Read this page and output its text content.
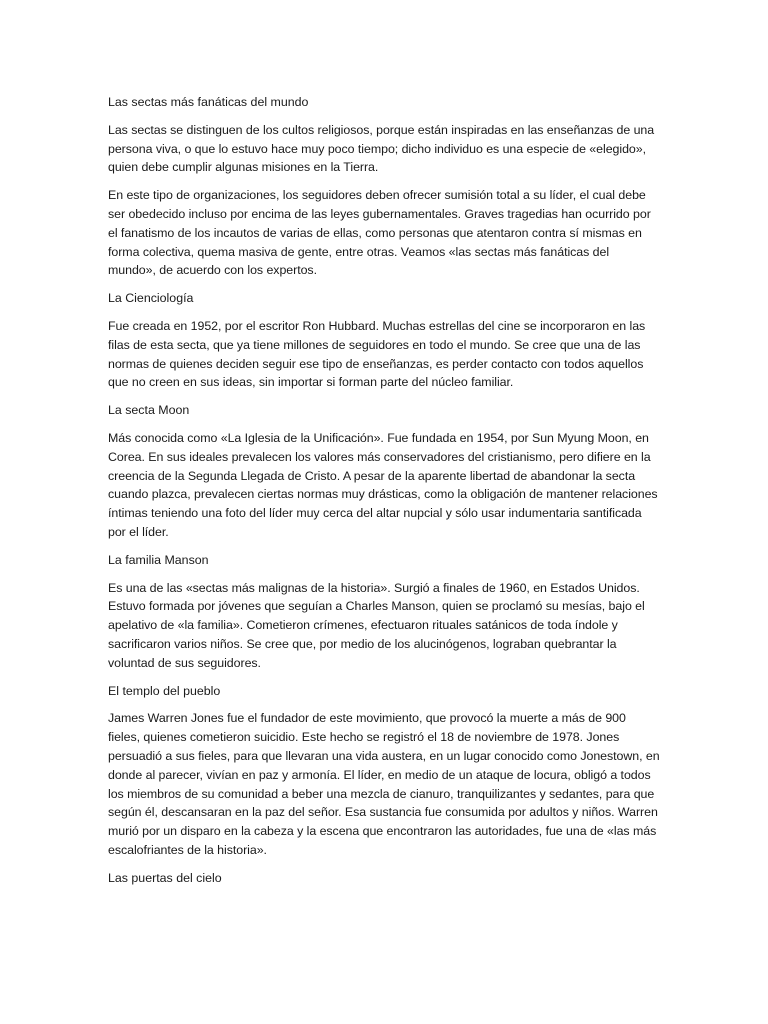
Las sectas más fanáticas del mundo

Las sectas se distinguen de los cultos religiosos, porque están inspiradas en las enseñanzas de una persona viva, o que lo estuvo hace muy poco tiempo; dicho individuo es una especie de «elegido», quien debe cumplir algunas misiones en la Tierra.

En este tipo de organizaciones, los seguidores deben ofrecer sumisión total a su líder, el cual debe ser obedecido incluso por encima de las leyes gubernamentales. Graves tragedias han ocurrido por el fanatismo de los incautos de varias de ellas, como personas que atentaron contra sí mismas en forma colectiva, quema masiva de gente, entre otras. Veamos «las sectas más fanáticas del mundo», de acuerdo con los expertos.

La Cienciología

Fue creada en 1952, por el escritor Ron Hubbard. Muchas estrellas del cine se incorporaron en las filas de esta secta, que ya tiene millones de seguidores en todo el mundo. Se cree que una de las normas de quienes deciden seguir ese tipo de enseñanzas, es perder contacto con todos aquellos que no creen en sus ideas, sin importar si forman parte del núcleo familiar.

La secta Moon

Más conocida como «La Iglesia de la Unificación». Fue fundada en 1954, por Sun Myung Moon, en Corea. En sus ideales prevalecen los valores más conservadores del cristianismo, pero difiere en la creencia de la Segunda Llegada de Cristo. A pesar de la aparente libertad de abandonar la secta cuando plazca, prevalecen ciertas normas muy drásticas, como la obligación de mantener relaciones íntimas teniendo una foto del líder muy cerca del altar nupcial y sólo usar indumentaria santificada por el líder.

La familia Manson

Es una de las «sectas más malignas de la historia». Surgió a finales de 1960, en Estados Unidos. Estuvo formada por jóvenes que seguían a Charles Manson, quien se proclamó su mesías, bajo el apelativo de «la familia». Cometieron crímenes, efectuaron rituales satánicos de toda índole y sacrificaron varios niños. Se cree que, por medio de los alucinógenos, lograban quebrantar la voluntad de sus seguidores.

El templo del pueblo

James Warren Jones fue el fundador de este movimiento, que provocó la muerte a más de 900 fieles, quienes cometieron suicidio. Este hecho se registró el 18 de noviembre de 1978. Jones persuadió a sus fieles, para que llevaran una vida austera, en un lugar conocido como Jonestown, en donde al parecer, vivían en paz y armonía. El líder, en medio de un ataque de locura, obligó a todos los miembros de su comunidad a beber una mezcla de cianuro, tranquilizantes y sedantes, para que según él, descansaran en la paz del señor. Esa sustancia fue consumida por adultos y niños. Warren murió por un disparo en la cabeza y la escena que encontraron las autoridades, fue una de «las más escalofriantes de la historia».

Las puertas del cielo
